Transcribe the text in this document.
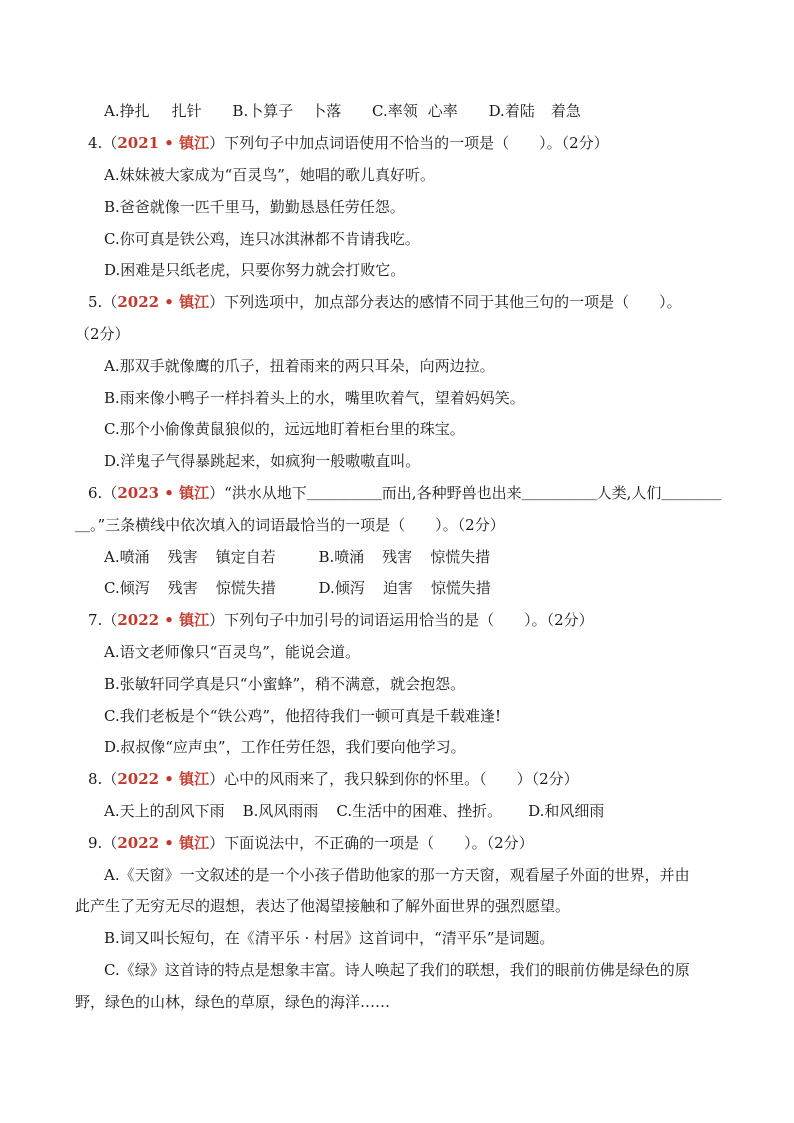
A.挣扎 扎针 B.卜算子 卜落 C.率领 心率 D.着陆 着急
4.（2021 • 镇江）下列句子中加点词语使用不恰当的一项是（　　）。（2分）
A.妹妹被大家成为“百灵鸟”，她唱的歌儿真好听。
B.爸爸就像一匹千里马，勤勤恳恳任劳任怨。
C.你可真是铁公鸡，连只冰淇淋都不肯请我吃。
D.困难是只纸老虎，只要你努力就会打败它。
5.（2022 • 镇江）下列选项中，加点部分表达的感情不同于其他三句的一项是（　　）。
（2分）
A.那双手就像鹰的爪子，扭着雨来的两只耳朵，向两边拉。
B.雨来像小鸭子一样抖着头上的水，嘴里吹着气，望着妈妈笑。
C.那个小偷像黄鼠狼似的，远远地盯着柜台里的珠宝。
D.洋鬼子气得暴跳起来，如疯狗一般嗷嗷直叫。
6.（2023 • 镇江）“洪水从地下＿＿＿＿＿而出,各种野兽也出来＿＿＿＿＿人类,人们＿＿＿＿
＿。”三条横线中依次填入的词语最恰当的一项是（　　）。（2分）
A.喷涌 残害 镇定自若	B.喷涌 残害 惊慌失措
C.倾泻 残害 惊慌失措	D.倾泻 迫害 惊慌失措
7.（2022 • 镇江）下列句子中加引号的词语运用恰当的是（　　）。（2分）
A.语文老师像只“百灵鸟”，能说会道。
B.张敏轩同学真是只“小蜜蜂”，稍不满意，就会抱怨。
C.我们老板是个“铁公鸡”，他招待我们一顿可真是千载难逢!
D.叔叔像“应声虫”，工作任劳任怨，我们要向他学习。
8.（2022 • 镇江）心中的风雨来了，我只躲到你的怀里。（　　）（2分）
A.天上的刮风下雨 B.风风雨雨 C.生活中的困难、挫折。 D.和风细雨
9.（2022 • 镇江）下面说法中，不正确的一项是（　　）。（2分）
A.《天窗》一文叙述的是一个小孩子借助他家的那一方天窗，观看屋子外面的世界，并由
此产生了无穷无尽的遐想，表达了他渴望接触和了解外面世界的强烈愿望。
B.词又叫长短句，在《清平乐 · 村居》这首词中，“清平乐”是词题。
C.《绿》这首诗的特点是想象丰富。诗人唤起了我们的联想，我们的眼前仿佛是绿色的原
野，绿色的山林，绿色的草原，绿色的海洋……
